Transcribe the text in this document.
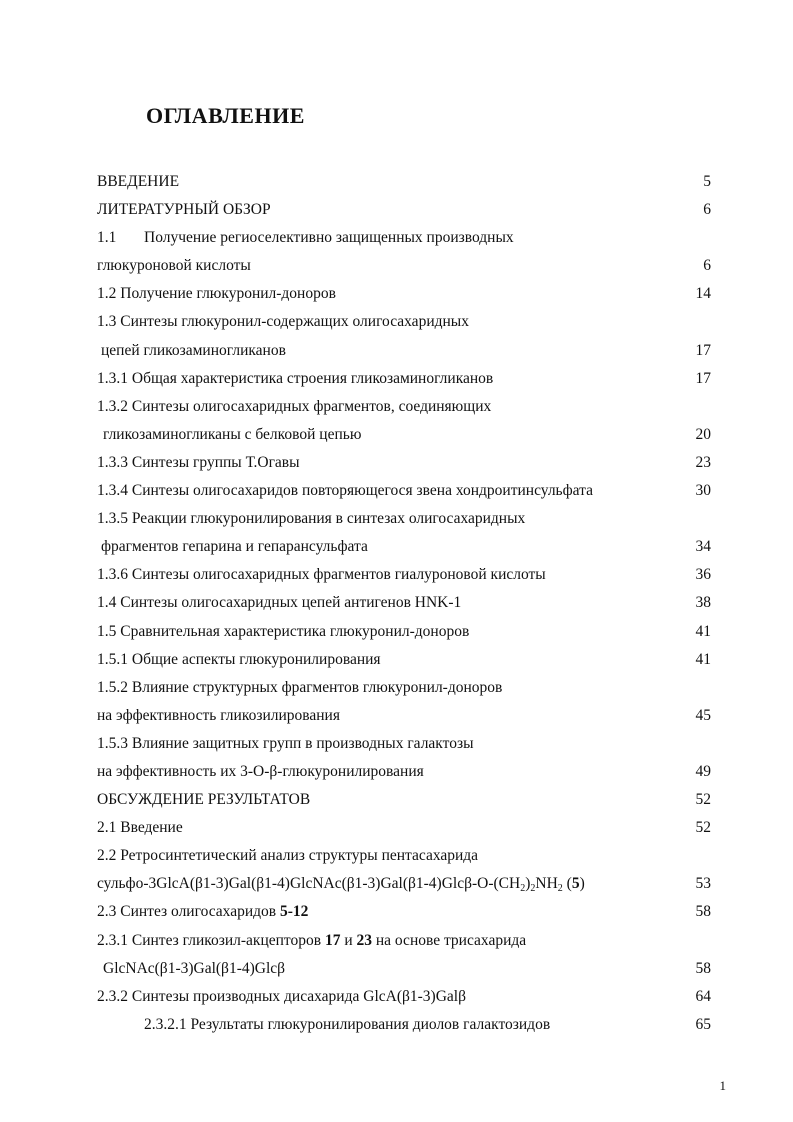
ОГЛАВЛЕНИЕ
ВВЕДЕНИЕ	5
ЛИТЕРАТУРНЫЙ ОБЗОР	6
1.1 Получение региоселективно защищенных производных
глюкуроновой кислоты	6
1.2 Получение глюкуронил-доноров	14
1.3 Синтезы глюкуронил-содержащих олигосахаридных
цепей гликозаминогликанов	17
1.3.1 Общая характеристика строения гликозаминогликанов	17
1.3.2 Синтезы олигосахаридных фрагментов, соединяющих
гликозаминогликаны с белковой цепью	20
1.3.3 Синтезы группы Т.Огавы	23
1.3.4 Синтезы олигосахаридов повторяющегося звена хондроитинсульфата	30
1.3.5 Реакции глюкуронилирования в синтезах олигосахаридных
фрагментов гепарина и гепарансульфата	34
1.3.6 Синтезы олигосахаридных фрагментов гиалуроновой кислоты	36
1.4 Синтезы олигосахаридных цепей антигенов HNK-1	38
1.5 Сравнительная характеристика глюкуронил-доноров	41
1.5.1 Общие аспекты глюкуронилирования	41
1.5.2 Влияние структурных фрагментов глюкуронил-доноров
на эффективность гликозилирования	45
1.5.3 Влияние защитных групп в производных галактозы
на эффективность их 3-O-β-глюкуронилирования	49
ОБСУЖДЕНИЕ РЕЗУЛЬТАТОВ	52
2.1 Введение	52
2.2 Ретросинтетический анализ структуры пентасахарида
сульфо-$3GlcA(\beta 1-3)Gal(\beta 1-4)GlcNAc(\beta 1-3)Gal(\beta 1-4)Glc\beta-O-(CH_2)_2NH_2$ (5)	53
2.3 Синтез олигосахаридов 5-12	58
2.3.1 Синтез гликозил-акцепторов 17 и 23 на основе трисахарида
GlcNAc(β1-3)Gal(β1-4)Glcβ	58
2.3.2 Синтезы производных дисахарида GlcA(β1-3)Galβ	64
2.3.2.1 Результаты глюкуронилирования диолов галактозидов	65
1
